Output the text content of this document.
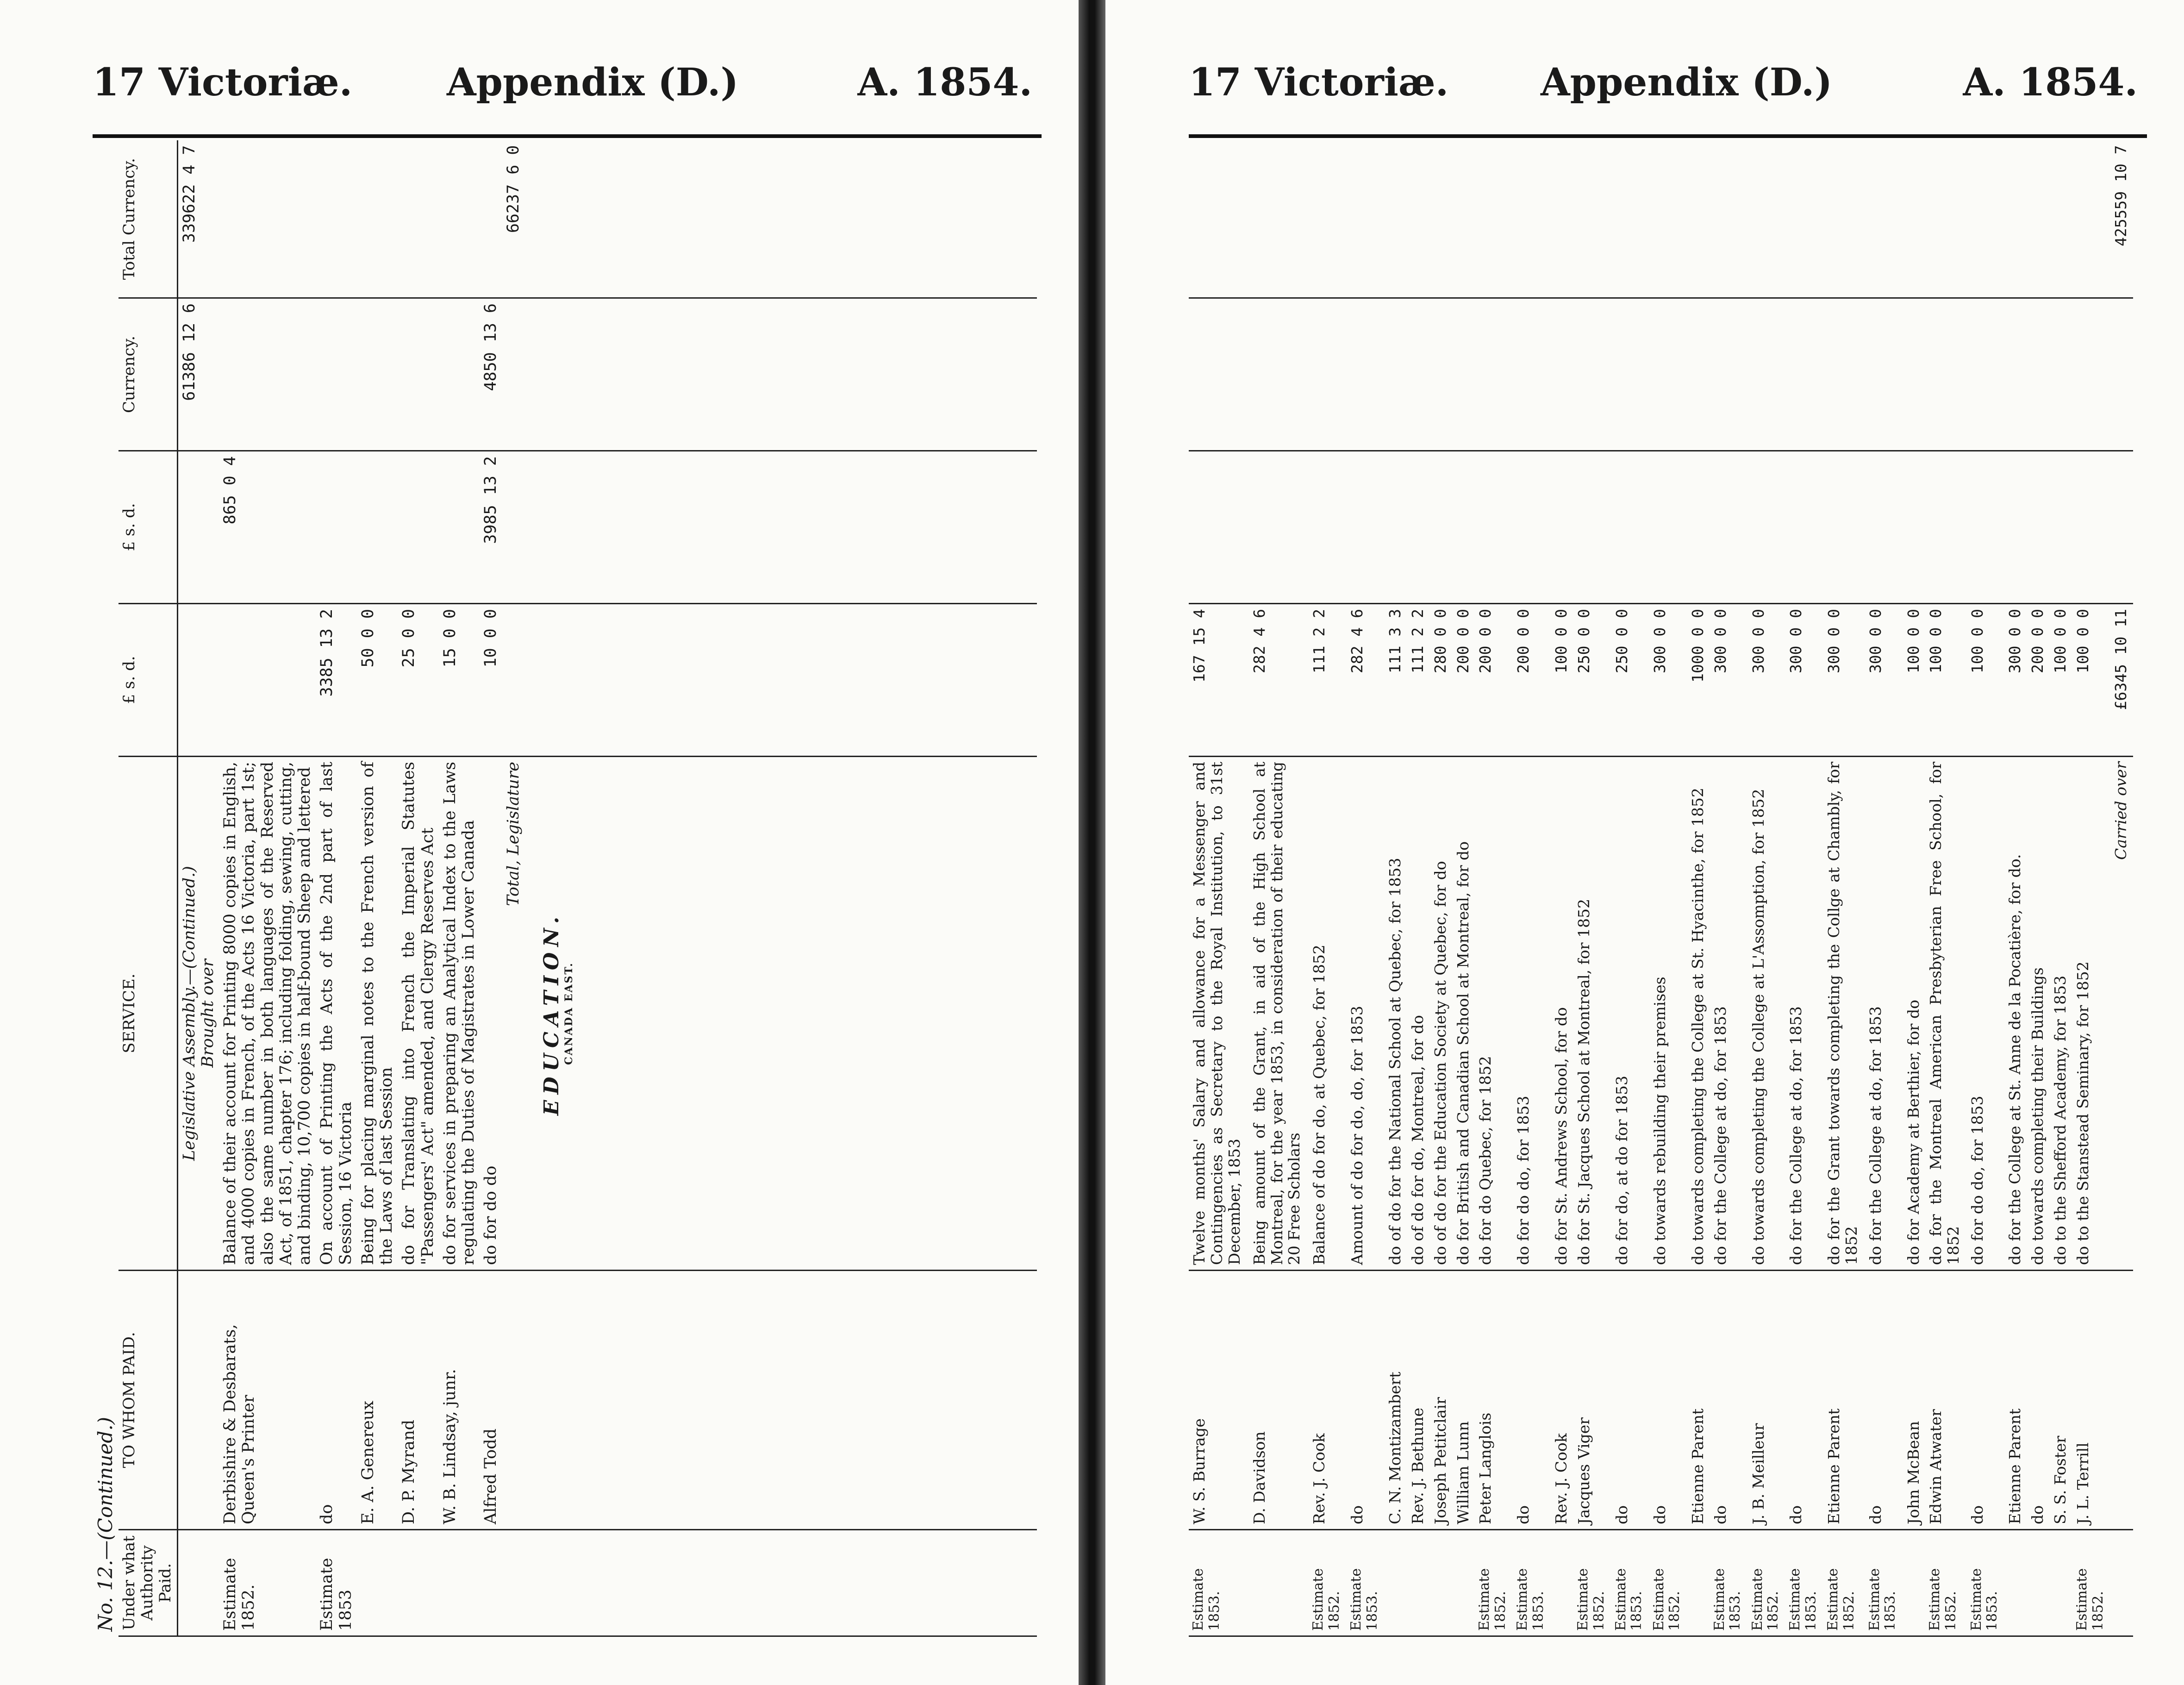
17 Victoriæ. Appendix (D.)	A. 1854.
No. 12.—(Continued.)						
Under what Authority Paid.	TO WHOM PAID.	SERVICE.	£ s. d.	£ s. d.	Currency.	Total Currency.

		Legislative Assembly.—(Continued.) Brought over			61386 12 6	339622 4 7
Estimate 1852.	Derbishire & Desbarats, Queen's Printer	Balance of their account for Printing 8000 copies in English, and 4000 copies in French, of the Acts 16 Victoria, part 1st; also the same number in both languages of the Reserved Act, of 1851, chapter 176; including folding, sewing, cutting, and binding, 10,700 copies in half-bound Sheep and lettered		865 0 4		
Estimate 1853	do	On account of Printing the Acts of the 2nd part of last Session, 16 Victoria	3385 13 2			
	E. A. Genereux	Being for placing marginal notes to the French version of the Laws of last Session	50 0 0			
	D. P. Myrand	do for Translating into French the Imperial Statutes "Passengers' Act" amended, and Clergy Reserves Act	25 0 0			
	W. B. Lindsay, junr.	do for services in preparing an Analytical Index to the Laws regulating the Duties of Magistrates in Lower Canada	15 0 0			
	Alfred Todd	do for do do	10 0 0	3985 13 2	4850 13 6	
		Total, Legislature				66237 6 0

		EDUCATION. CANADA EAST.				

17 Victoriæ. Appendix (D.)	A. 1854.
Estimate 1853.	W. S. Burrage	Twelve months' Salary and allowance for a Messenger and Contingencies as Secretary to the Royal Institution, to 31st December, 1853	167 15 4			
	D. Davidson	Being amount of the Grant, in aid of the High School at Montreal, for the year 1853, in consideration of their educating 20 Free Scholars	282 4 6			
Estimate 1852.	Rev. J. Cook	Balance of do for do, at Quebec, for 1852	111 2 2			
Estimate 1853.	do	Amount of do for do, do, for 1853	282 4 6			
	C. N. Montizambert	do of do for the National School at Quebec, for 1853	111 3 3			
	Rev. J. Bethune	do of do for do, Montreal, for do	111 2 2			
	Joseph Petitclair	do of do for the Education Society at Quebec, for do	280 0 0			
	William Lunn	do for British and Canadian School at Montreal, for do	200 0 0			
Estimate 1852.	Peter Langlois	do for do Quebec, for 1852	200 0 0			
Estimate 1853.	do	do for do do, for 1853	200 0 0			
	Rev. J. Cook	do for St. Andrews School, for do	100 0 0			
Estimate 1852.	Jacques Viger	do for St. Jacques School at Montreal, for 1852	250 0 0			
Estimate 1853.	do	do for do, at do for 1853	250 0 0			
Estimate 1852.	do	do towards rebuilding their premises	300 0 0			
	Etienne Parent	do towards completing the College at St. Hyacinthe, for 1852	1000 0 0			
Estimate 1853.	do	do for the College at do, for 1853	300 0 0			
Estimate 1852.	J. B. Meilleur	do towards completing the College at L'Assomption, for 1852	300 0 0			
Estimate 1853.	do	do for the College at do, for 1853	300 0 0			
Estimate 1852.	Etienne Parent	do for the Grant towards completing the Collge at Chambly, for 1852	300 0 0			
Estimate 1853.	do	do for the College at do, for 1853	300 0 0			
	John McBean	do for Academy at Berthier, for do	100 0 0			
Estimate 1852.	Edwin Atwater	do for the Montreal American Presbyterian Free School, for 1852	100 0 0			
Estimate 1853.	do	do for do do, for 1853	100 0 0			
	Etienne Parent	do for the College at St. Anne de la Pocatière, for do.	300 0 0			
	do	do towards completing their Buildings	200 0 0			
	S. S. Foster	do to the Shefford Academy, for 1853	100 0 0			
Estimate 1852.	J. L. Terrill	do to the Stanstead Seminary, for 1852	100 0 0			
		Carried over	£6345 10 11			425559 10 7
